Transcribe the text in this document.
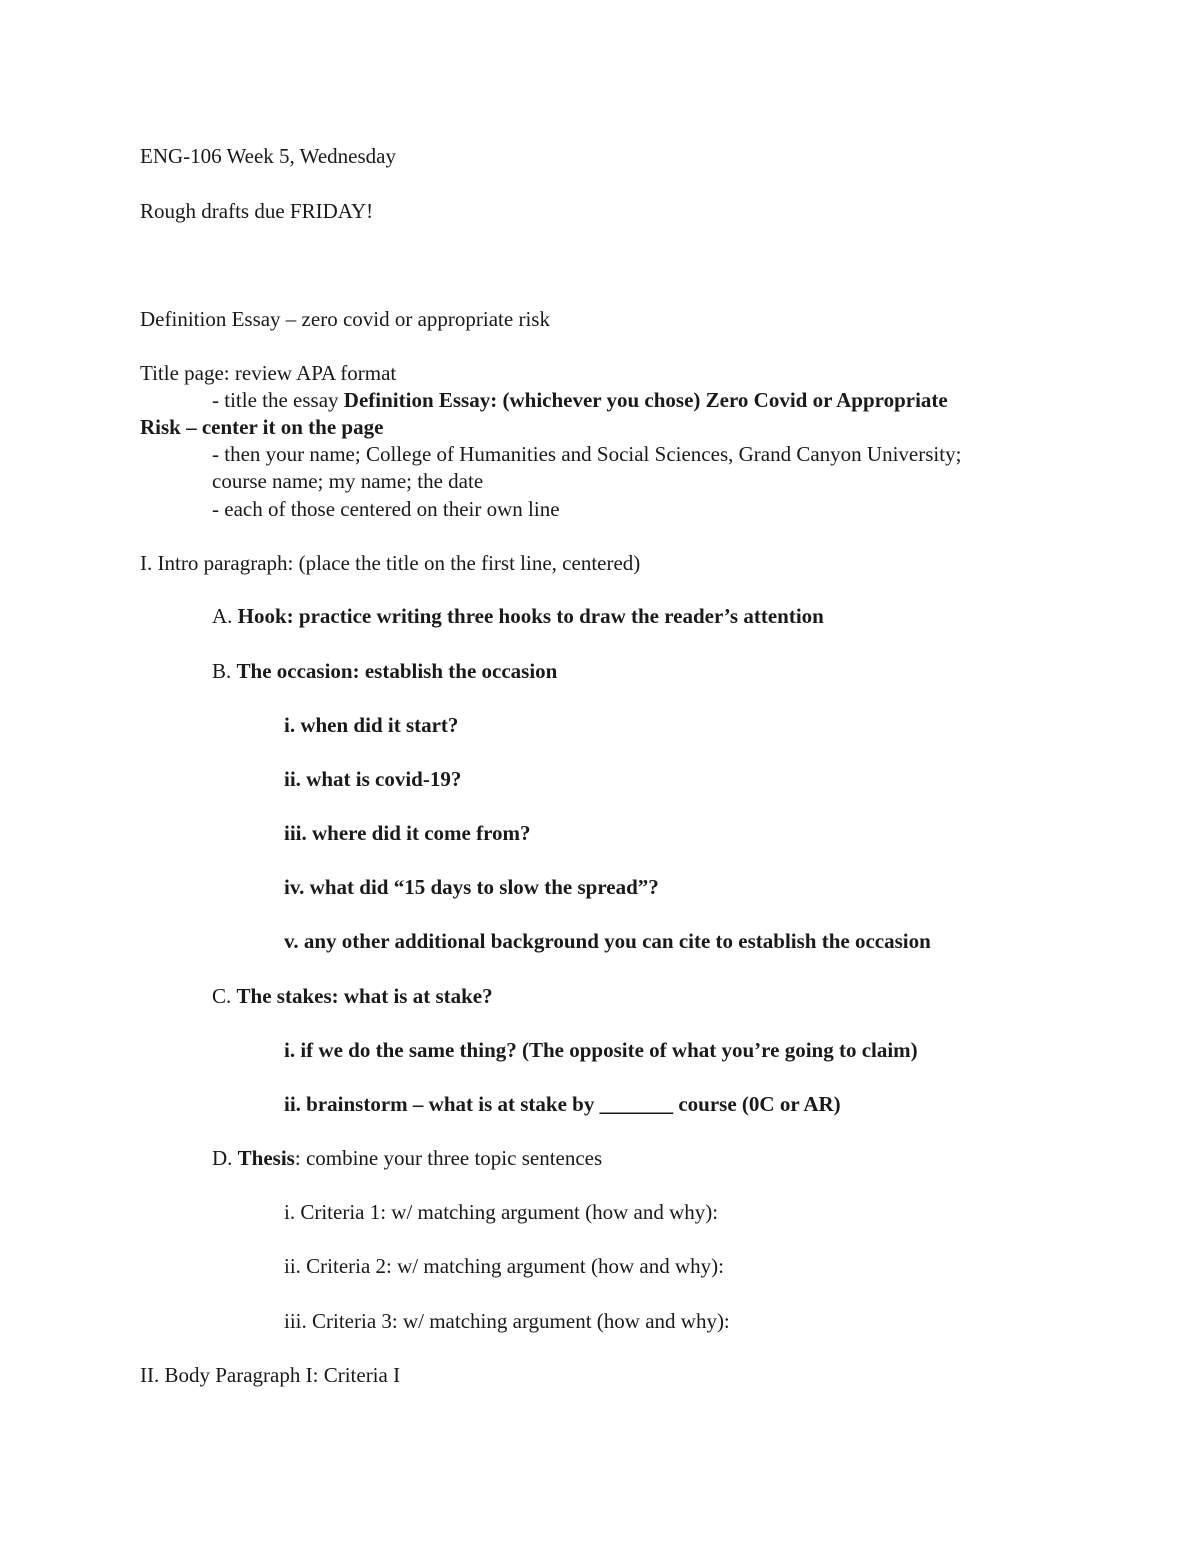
ENG-106 Week 5, Wednesday
Rough drafts due FRIDAY!
Definition Essay – zero covid or appropriate risk
Title page: review APA format
- title the essay Definition Essay: (whichever you chose) Zero Covid or Appropriate
Risk – center it on the page
- then your name; College of Humanities and Social Sciences, Grand Canyon University;
course name; my name; the date
- each of those centered on their own line
I. Intro paragraph: (place the title on the first line, centered)
A. Hook: practice writing three hooks to draw the reader’s attention
B. The occasion: establish the occasion
i. when did it start?
ii. what is covid-19?
iii. where did it come from?
iv. what did “15 days to slow the spread”?
v. any other additional background you can cite to establish the occasion
C. The stakes: what is at stake?
i. if we do the same thing? (The opposite of what you’re going to claim)
ii. brainstorm – what is at stake by _______ course (0C or AR)
D. Thesis: combine your three topic sentences
i. Criteria 1: w/ matching argument (how and why):
ii. Criteria 2: w/ matching argument (how and why):
iii. Criteria 3: w/ matching argument (how and why):
II. Body Paragraph I: Criteria I
